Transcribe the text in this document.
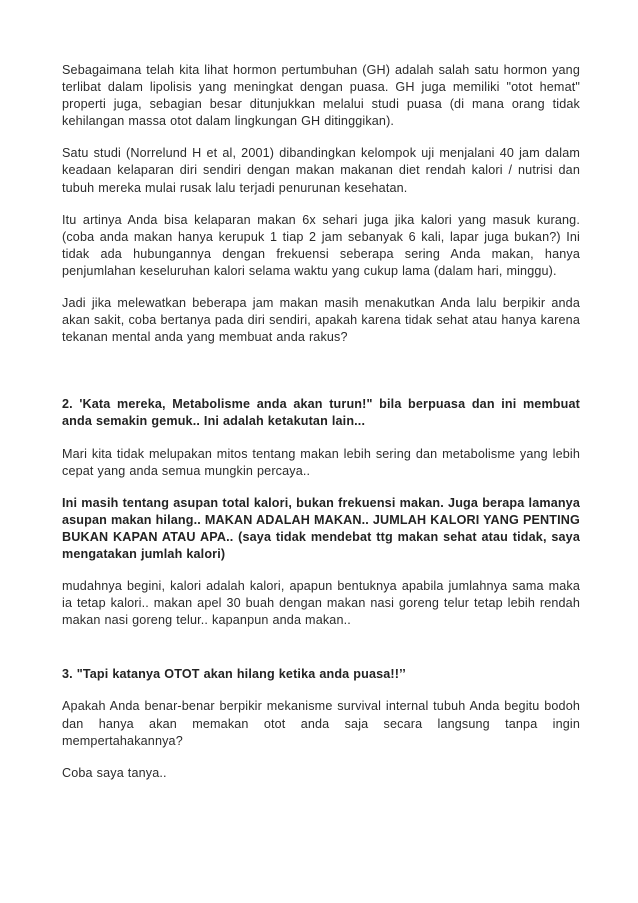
Sebagaimana telah kita lihat hormon pertumbuhan (GH) adalah salah satu hormon yang terlibat dalam lipolisis yang meningkat dengan puasa. GH juga memiliki "otot hemat" properti juga, sebagian besar ditunjukkan melalui studi puasa (di mana orang tidak kehilangan massa otot dalam lingkungan GH ditinggikan).

Satu studi (Norrelund H et al, 2001) dibandingkan kelompok uji menjalani 40 jam dalam keadaan kelaparan diri sendiri dengan makan makanan diet rendah kalori / nutrisi dan tubuh mereka mulai rusak lalu terjadi penurunan kesehatan.

Itu artinya Anda bisa kelaparan makan 6x sehari juga jika kalori yang masuk kurang. (coba anda makan hanya kerupuk 1 tiap 2 jam sebanyak 6 kali, lapar juga bukan?) Ini tidak ada hubungannya dengan frekuensi seberapa sering Anda makan, hanya penjumlahan keseluruhan kalori selama waktu yang cukup lama (dalam hari, minggu).

Jadi jika melewatkan beberapa jam makan masih menakutkan Anda lalu berpikir anda akan sakit, coba bertanya pada diri sendiri, apakah karena tidak sehat atau hanya karena tekanan mental anda yang membuat anda rakus?

2. 'Kata mereka, Metabolisme anda akan turun!" bila berpuasa dan ini membuat anda semakin gemuk.. Ini adalah ketakutan lain...

Mari kita tidak melupakan mitos tentang makan lebih sering dan metabolisme yang lebih cepat yang anda semua mungkin percaya..

Ini masih tentang asupan total kalori, bukan frekuensi makan. Juga berapa lamanya asupan makan hilang.. MAKAN ADALAH MAKAN.. JUMLAH KALORI YANG PENTING BUKAN KAPAN ATAU APA.. (saya tidak mendebat ttg makan sehat atau tidak, saya mengatakan jumlah kalori)

mudahnya begini, kalori adalah kalori, apapun bentuknya apabila jumlahnya sama maka ia tetap kalori.. makan apel 30 buah dengan makan nasi goreng telur tetap lebih rendah makan nasi goreng telur.. kapanpun anda makan..

3. "Tapi katanya OTOT akan hilang ketika anda puasa!!’’

Apakah Anda benar-benar berpikir mekanisme survival internal tubuh Anda begitu bodoh dan hanya akan memakan otot anda saja secara langsung tanpa ingin mempertahakannya?

Coba saya tanya..
